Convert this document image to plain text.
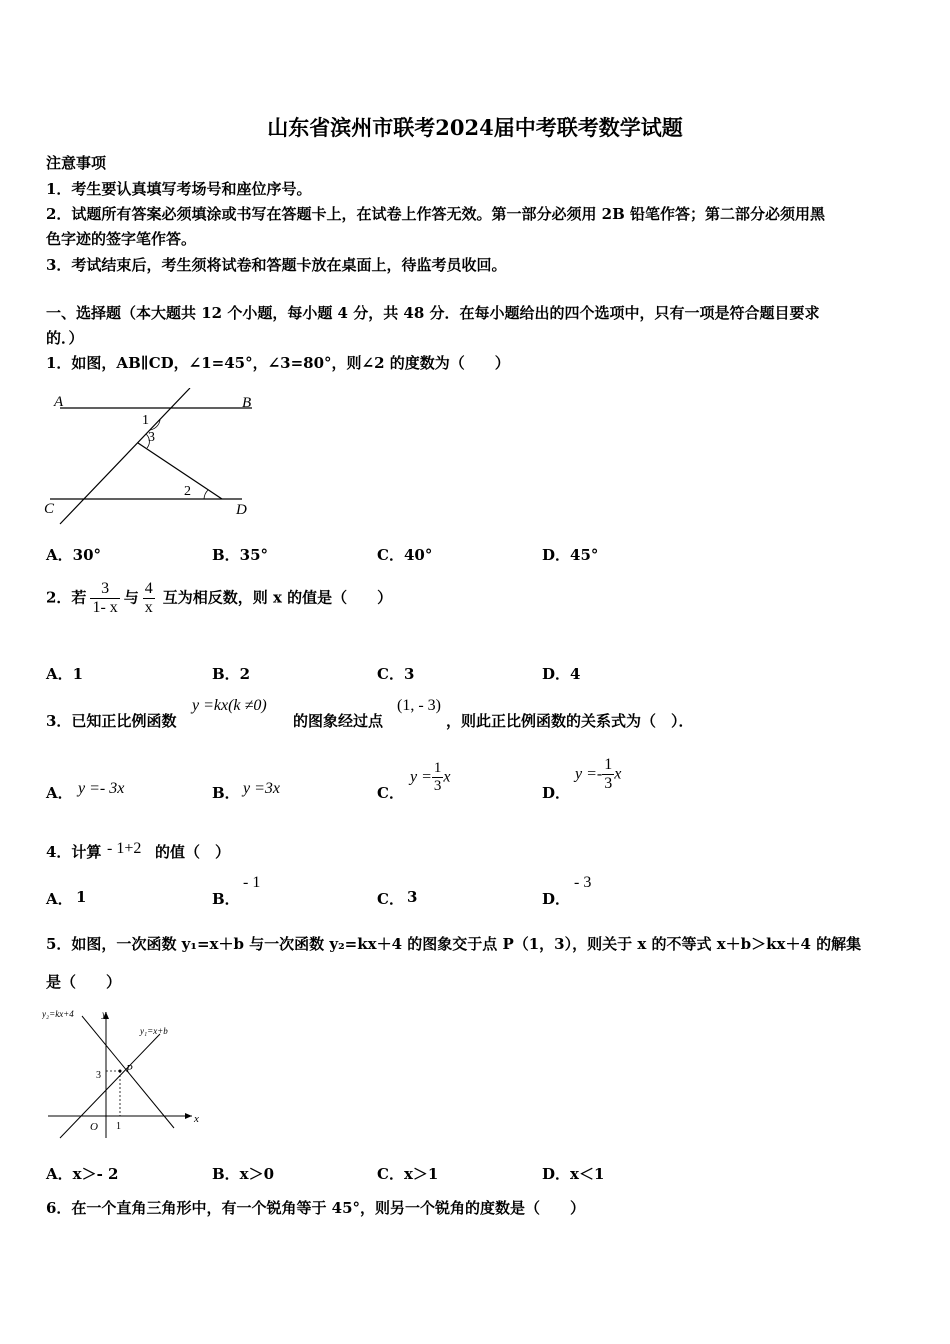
山东省滨州市联考2024届中考联考数学试题
注意事项
1．考生要认真填写考场号和座位序号。
2．试题所有答案必须填涂或书写在答题卡上，在试卷上作答无效。第一部分必须用 2B 铅笔作答；第二部分必须用黑
色字迹的签字笔作答。
3．考试结束后，考生须将试卷和答题卡放在桌面上，待监考员收回。
一、选择题（本大题共 12 个小题，每小题 4 分，共 48 分．在每小题给出的四个选项中，只有一项是符合题目要求
的．）
1．如图，AB∥CD，∠1=45°，∠3=80°，则∠2 的度数为（　　）
A	B
C	D
1
3
2
A．30°	B．35°	C．40°	D．45°
2．若 $\frac{3}{1- x}$ 与 $\frac{4}{x}$ 互为相反数，则 x 的值是（　　）
A．1	B．2	C．3	D．4
3．已知正比例函数
y =kx(k ≠0)
的图象经过点
(1, - 3)
，则此正比例函数的关系式为（　）．
A． y =- 3x	B． y =3x	C．
$y = \frac{1}{3}$ x
D．
$y =- \frac{1}{3}$ x
4．计算 - 1+2 的值（　）
A． 1	B．
- 1
C． 3	D．
- 3
5．如图，一次函数 y₁=x＋b 与一次函数 y₂=kx＋4 的图象交于点 P（1，3），则关于 x 的不等式 x＋b＞kx＋4 的解集
是（　　）
y₂=kx+4	y
y₁=x+b
3
P
O 1
x
A．x＞- 2	B．x＞0	C．x＞1	D．x＜1
6．在一个直角三角形中，有一个锐角等于 45°，则另一个锐角的度数是（　　）
